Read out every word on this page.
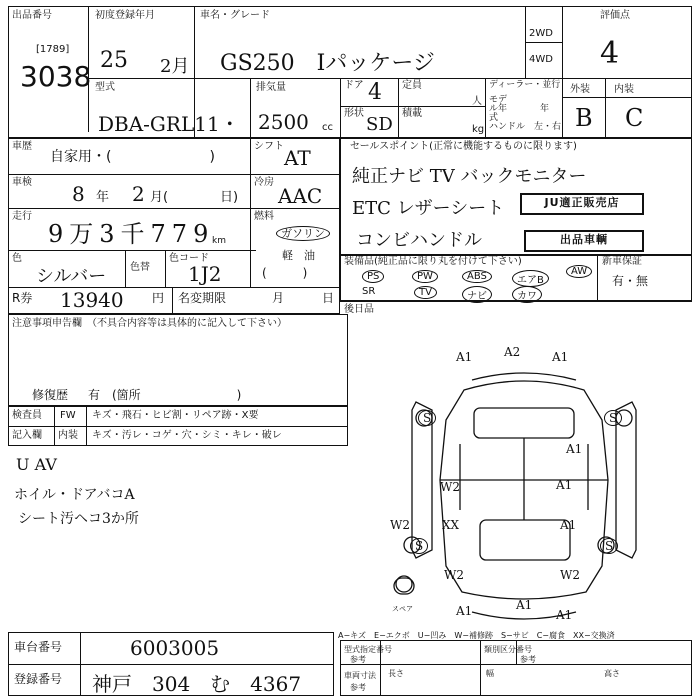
出品番号
[1789]
3038
初度登録年月
25 2月
車名・グレード
GS250　Iパッケージ
2WD
4WD
評価点
4
型式
DBA-GRL11・
排気量
2500 cc
ドア 4 定員
人
形状
SD
積載
kg
ディーラー・並行
モデル年式
年
ハンドル 左・右
外装 内装
B C
車歴
自家用・(　　　　　　　)
車検 8 年 2 月(	日)
走行
9万3千779
km
色
シルバー 色替
色コード
1J2
R券 13940 円 名変期限	月	日
シフト AT
冷房
AAC
燃料
ガソリン
軽　油
(　　　)
セールスポイント(正常に機能するものに限ります)
純正ナビ TV バックモニター
ETC レザーシート
コンビハンドル
JU適正販売店
出品車輌
装備品(純正品に限り丸を付けて下さい)	新車保証
有・無
PS	PW	ABS	エアB
AW
SR	TV	ナビ	カワ
後日品
注意事項申告欄　（不具合内容等は具体的に記入して下さい）
修復歴 有　(箇所　　　　　　　　)
検査員
記入欄
FW キズ・飛石・ヒビ割・リペア跡・X要
内装 キズ・汚レ・コゲ・穴・シミ・キレ・破レ
U AV
ホイル・ドアバコA
シート汚ヘコ3か所
A1	A2	A1
S	S
A1
W2	A1
W2	XX	A1
S	S
W2	W2
A1	A1
A1
スペア
A−キズ　E−エクボ　U−凹み　W−補修跡　S−サビ　C−腐食　XX−交換済
車台番号	6003005
登録番号 神戸　304　む　4367
型式指定番号
参考
類別区分番号
参考
車両寸法
参考
長さ	幅	高さ
